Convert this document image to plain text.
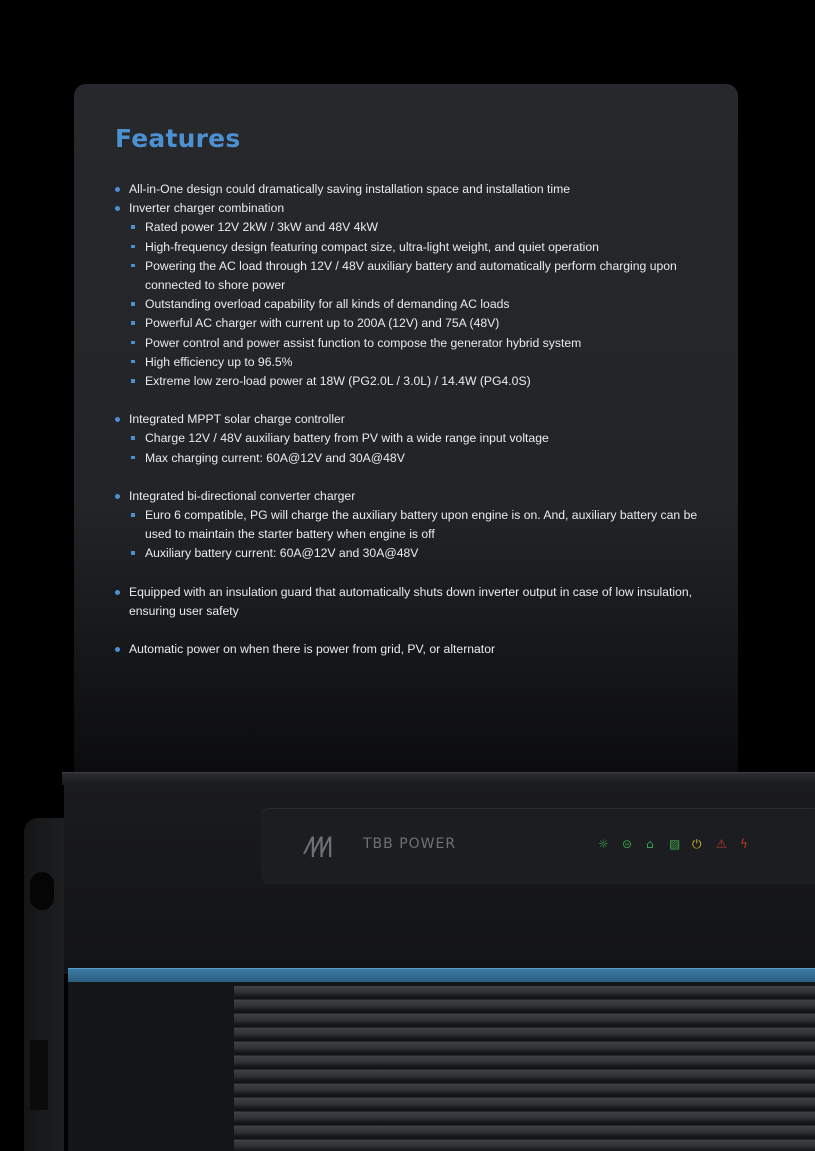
Features
All-in-One design could dramatically saving installation space and installation time
Inverter charger combination
Rated power 12V 2kW / 3kW and 48V 4kW
High-frequency design featuring compact size, ultra-light weight, and quiet operation
Powering the AC load through 12V / 48V auxiliary battery and automatically perform charging upon connected to shore power
Outstanding overload capability for all kinds of demanding AC loads
Powerful AC charger with current up to 200A (12V) and 75A (48V)
Power control and power assist function to compose the generator hybrid system
High efficiency up to 96.5%
Extreme low zero-load power at 18W (PG2.0L / 3.0L) / 14.4W (PG4.0S)
Integrated MPPT solar charge controller
Charge 12V / 48V auxiliary battery from PV with a wide range input voltage
Max charging current: 60A@12V and 30A@48V
Integrated bi-directional converter charger
Euro 6 compatible, PG will charge the auxiliary battery upon engine is on. And, auxiliary battery can be used to maintain the starter battery when engine is off
Auxiliary battery current: 60A@12V and 30A@48V
Equipped with an insulation guard that automatically shuts down inverter output in case of low insulation, ensuring user safety
Automatic power on when there is power from grid, PV, or alternator
/|/|/|	TBB POWER	☼ ⊝ ⌂ ▨ ⏻ ⚠ ϟ
